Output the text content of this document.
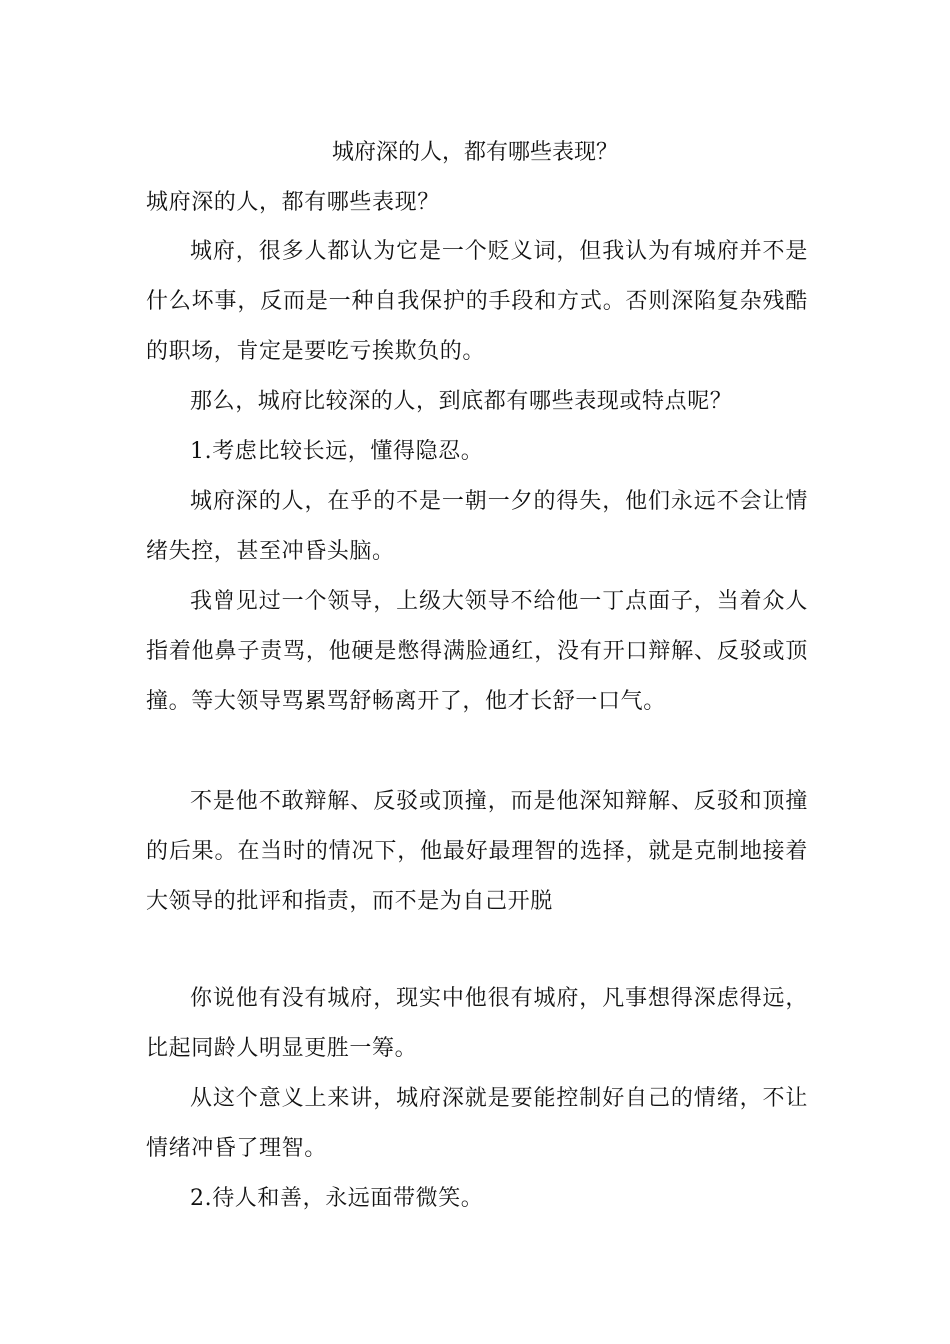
城府深的人，都有哪些表现？

城府深的人，都有哪些表现？

城府，很多人都认为它是一个贬义词，但我认为有城府并不是什么坏事，反而是一种自我保护的手段和方式。否则深陷复杂残酷的职场，肯定是要吃亏挨欺负的。

那么，城府比较深的人，到底都有哪些表现或特点呢？

1.考虑比较长远，懂得隐忍。

城府深的人，在乎的不是一朝一夕的得失，他们永远不会让情绪失控，甚至冲昏头脑。

我曾见过一个领导，上级大领导不给他一丁点面子，当着众人指着他鼻子责骂，他硬是憋得满脸通红，没有开口辩解、反驳或顶撞。等大领导骂累骂舒畅离开了，他才长舒一口气。

不是他不敢辩解、反驳或顶撞，而是他深知辩解、反驳和顶撞的后果。在当时的情况下，他最好最理智的选择，就是克制地接着大领导的批评和指责，而不是为自己开脱

你说他有没有城府，现实中他很有城府，凡事想得深虑得远，比起同龄人明显更胜一筹。

从这个意义上来讲，城府深就是要能控制好自己的情绪，不让情绪冲昏了理智。

2.待人和善，永远面带微笑。
